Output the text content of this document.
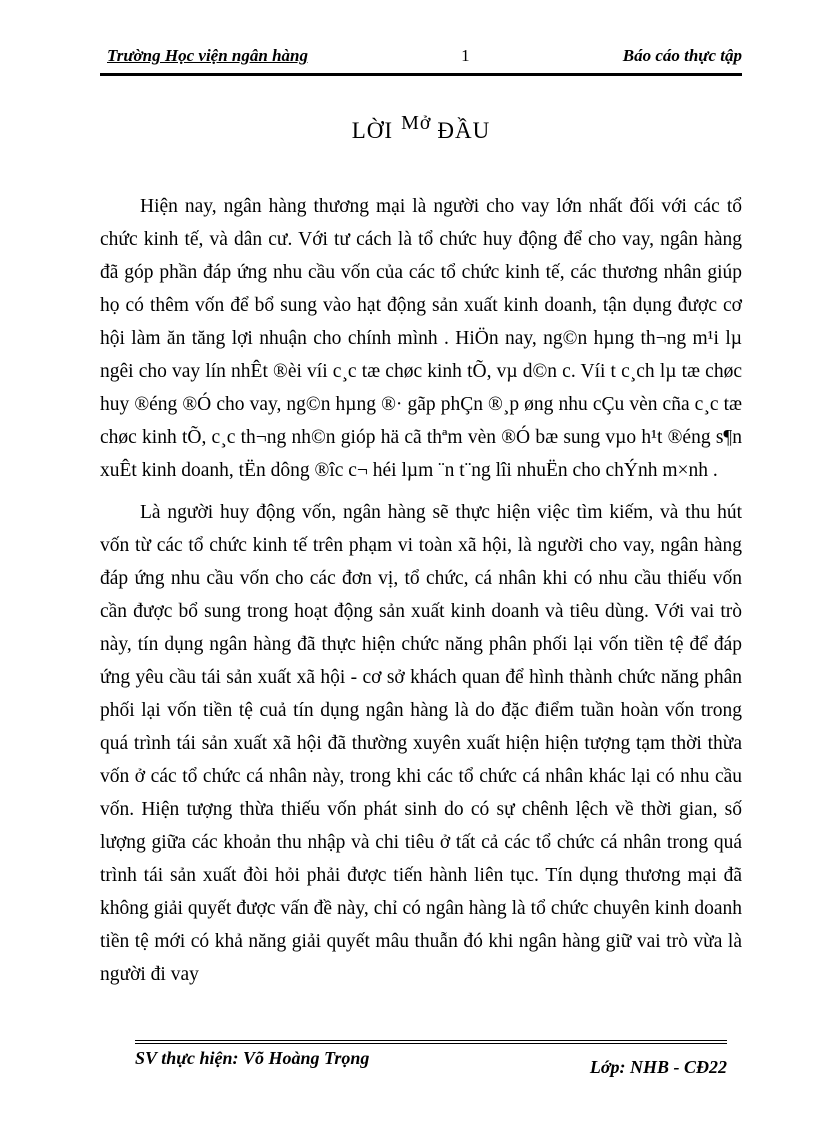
Trường Học viện ngân hàng	1	Báo cáo thực tập
LỜI Mở ĐẦU

Hiện nay, ngân hàng thương mại là người cho vay lớn nhất đối với các tổ chức kinh tế, và dân cư. Với tư cách là tổ chức huy động để cho vay, ngân hàng đã góp phần đáp ứng nhu cầu vốn của các tổ chức kinh tế, các thương nhân giúp họ có thêm vốn để bổ sung vào hạt động sản xuất kinh doanh, tận dụng được cơ hội làm ăn tăng lợi nhuận cho chính mình . HiÖn nay, ng©n hµng th¬ng m¹i lµ ngêi cho vay lín nhÊt ®èi víi c¸c tæ chøc kinh tÕ, vµ d©n c. Víi t c¸ch lµ tæ chøc huy ®éng ®Ó cho vay, ng©n hµng ®· gãp phÇn ®¸p øng nhu cÇu vèn cña c¸c tæ chøc kinh tÕ, c¸c th¬ng nh©n gióp hä cã thªm vèn ®Ó bæ sung vµo h¹t ®éng s¶n xuÊt kinh doanh, tËn dông ®îc c¬ héi lµm ¨n t¨ng lîi nhuËn cho chÝnh m×nh .

Là người huy động vốn, ngân hàng sẽ thực hiện việc tìm kiếm, và thu hút vốn từ các tổ chức kinh tế trên phạm vi toàn xã hội, là người cho vay, ngân hàng đáp ứng nhu cầu vốn cho các đơn vị, tổ chức, cá nhân khi có nhu cầu thiếu vốn cần được bổ sung trong hoạt động sản xuất kinh doanh và tiêu dùng. Với vai trò này, tín dụng ngân hàng đã thực hiện chức năng phân phối lại vốn tiền tệ để đáp ứng yêu cầu tái sản xuất xã hội - cơ sở khách quan để hình thành chức năng phân phối lại vốn tiền tệ cuả tín dụng ngân hàng là do đặc điểm tuần hoàn vốn trong quá trình tái sản xuất xã hội đã thường xuyên xuất hiện hiện tượng tạm thời thừa vốn ở các tổ chức cá nhân này, trong khi các tổ chức cá nhân khác lại có nhu cầu vốn. Hiện tượng thừa thiếu vốn phát sinh do có sự chênh lệch về thời gian, số lượng giữa các khoản thu nhập và chi tiêu ở tất cả các tổ chức cá nhân trong quá trình tái sản xuất đòi hỏi phải được tiến hành liên tục. Tín dụng thương mại đã không giải quyết được vấn đề này, chỉ có ngân hàng là tổ chức chuyên kinh doanh tiền tệ mới có khả năng giải quyết mâu thuẫn đó khi ngân hàng giữ vai trò vừa là người đi vay

SV thực hiện: Võ Hoàng Trọng	Lớp: NHB - CĐ22
